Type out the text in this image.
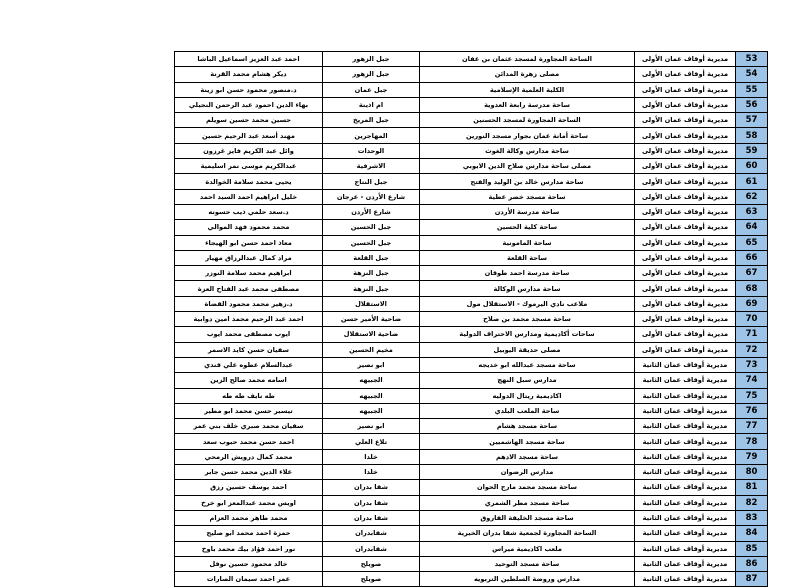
53	مديرية أوقاف عمان الأولى	الساحة المجاورة لمسجد عثمان بن عفان	جبل الزهور	احمد عبد العزيز اسماعيل الباشا
54	مديرية أوقاف عمان الأولى	مصلى زهرة المدائن	جبل الزهور	ديكر هشام محمد القرنة
55	مديرية أوقاف عمان الأولى	الكلية العلمية الإسلامية	جبل عمان	د.منصور محمود حسن ابو زينة
56	مديرية أوقاف عمان الأولى	ساحة مدرسة رابعة العدوية	ام اذينة	بهاء الدين احمود عبد الرحمن النجيلي
57	مديرية أوقاف عمان الأولى	الساحة المجاورة لمسجد الحسنين	جبل المريخ	حسين محمد حسين سويلم
58	مديرية أوقاف عمان الأولى	ساحة أمانة عمان بجوار مسجد النورين	المهاجرين	مهند أسعد عبد الرحيم حسين
59	مديرية أوقاف عمان الأولى	ساحة مدارس وكالة الغوث	الوحدات	وائل عبد الكريم فايز غرزون
60	مديرية أوقاف عمان الأولى	مصلى ساحة مدارس صلاح الدين الايوبي	الاشرفية	عبدالكريم موسى نمر اسليمية
61	مديرية أوقاف عمان الأولى	ساحة مدارس خالد بن الوليد والفتح	جبل النتاج	يحيى محمد سلامة الخوالدة
62	مديرية أوقاف عمان الأولى	ساحة مسجد خضر عطية	شارع الأردن - عرجان	خليل ابراهيم احمد السيد احمد
63	مديرية أوقاف عمان الأولى	ساحة مدرسة الأردن	شارع الأردن	د.سعد حلمي ذيب حسونه
64	مديرية أوقاف عمان الأولى	ساحة كلية الحسين	جبل الحسين	محمد محمود فهد الموالي
65	مديرية أوقاف عمان الأولى	ساحة المامونية	جبل الحسين	معاذ احمد حسن ابو الهيجاء
66	مديرية أوقاف عمان الأولى	ساحة القلعة	جبل القلعة	مراد كمال عبدالرزاق مهيار
67	مديرية أوقاف عمان الأولى	ساحة مدرسة احمد طوقان	جبل النزهة	ابراهيم محمد سلامة النوزر
68	مديرية أوقاف عمان الأولى	ساحة مدارس الوكالة	جبل النزهة	مصطفى محمد عبد الفتاح العزة
69	مديرية أوقاف عمان الأولى	ملاعب نادي اليرموك - الاستقلال مول	الاستقلال	د.زهير محمد محمود القضاة
70	مديرية أوقاف عمان الأولى	ساحة مسجد محمد بن صلاح	ضاحية الأمير حسن	احمد عبد الرحيم محمد امين دوابية
71	مديرية أوقاف عمان الأولى	ساحات أكاديمية ومدارس الاحتراف الدولية	ضاحية الاستقلال	ايوب مصطفى محمد ايوب
72	مديرية أوقاف عمان الأولى	مصلى حديقة اليوبيل	مخيم الحسين	سفيان حسن كايد الاسمر
73	مديرية أوقاف عمان الثانية	ساحة مسجد عبدالله ابو خديجه	ابو نصير	عبدالسلام عطوه علي قندي
74	مديرية أوقاف عمان الثانية	مدارس سبل النهج	الجبيهه	اسامه محمد صالح الزين
75	مديرية أوقاف عمان الثانية	اكاديمية ريتال الدوليه	الجبيهه	طه نايف طه طه
76	مديرية أوقاف عمان الثانية	ساحة الملعب البلدي	الجبيهه	تيسير حسن محمد ابو مطير
77	مديرية أوقاف عمان الثانية	ساحة مسجد هشام	ابو نصير	سفيان محمد صبري خلف بني عمر
78	مديرية أوقاف عمان الثانية	ساحة مسجد الهاشميين	تلاع العلي	احمد حسن محمد حبوب سعد
79	مديرية أوقاف عمان الثانية	ساحة مسجد الادهم	خلدا	محمد كمال درويش الرمحي
80	مديرية أوقاف عمان الثانية	مدارس الرضوان	خلدا	علاء الدين محمد حسن جابر
81	مديرية أوقاف عمان الثانية	ساحة مسجد محمد مارج الحوان	شفا بدران	احمد يوسف حسين رزق
82	مديرية أوقاف عمان الثانية	ساحة مسجد مطر الشمري	شفا بدران	اويس محمد عبدالمعز ابو خرخ
83	مديرية أوقاف عمان الثانية	ساحة مسجد الخليفة الفاروق	شفا بدران	محمد طاهر محمد العزام
84	مديرية أوقاف عمان الثانية	الساحة المجاورة لجمعية شفا بدران الخيرية	شفابدران	حمزة احمد محمد ابو صليح
85	مديرية أوقاف عمان الثانية	ملعب اكاديمية ميراس	شفابدران	نور احمد فؤاد بيك محمد باوخ
86	مديرية أوقاف عمان الثانية	ساحة مسجد التوحيد	صويلح	خالد محمود حسين نوفل
87	مديرية أوقاف عمان الثانية	مدارس وروضة السلطين التربويه	صويلح	عمر احمد سيمان الصارات
